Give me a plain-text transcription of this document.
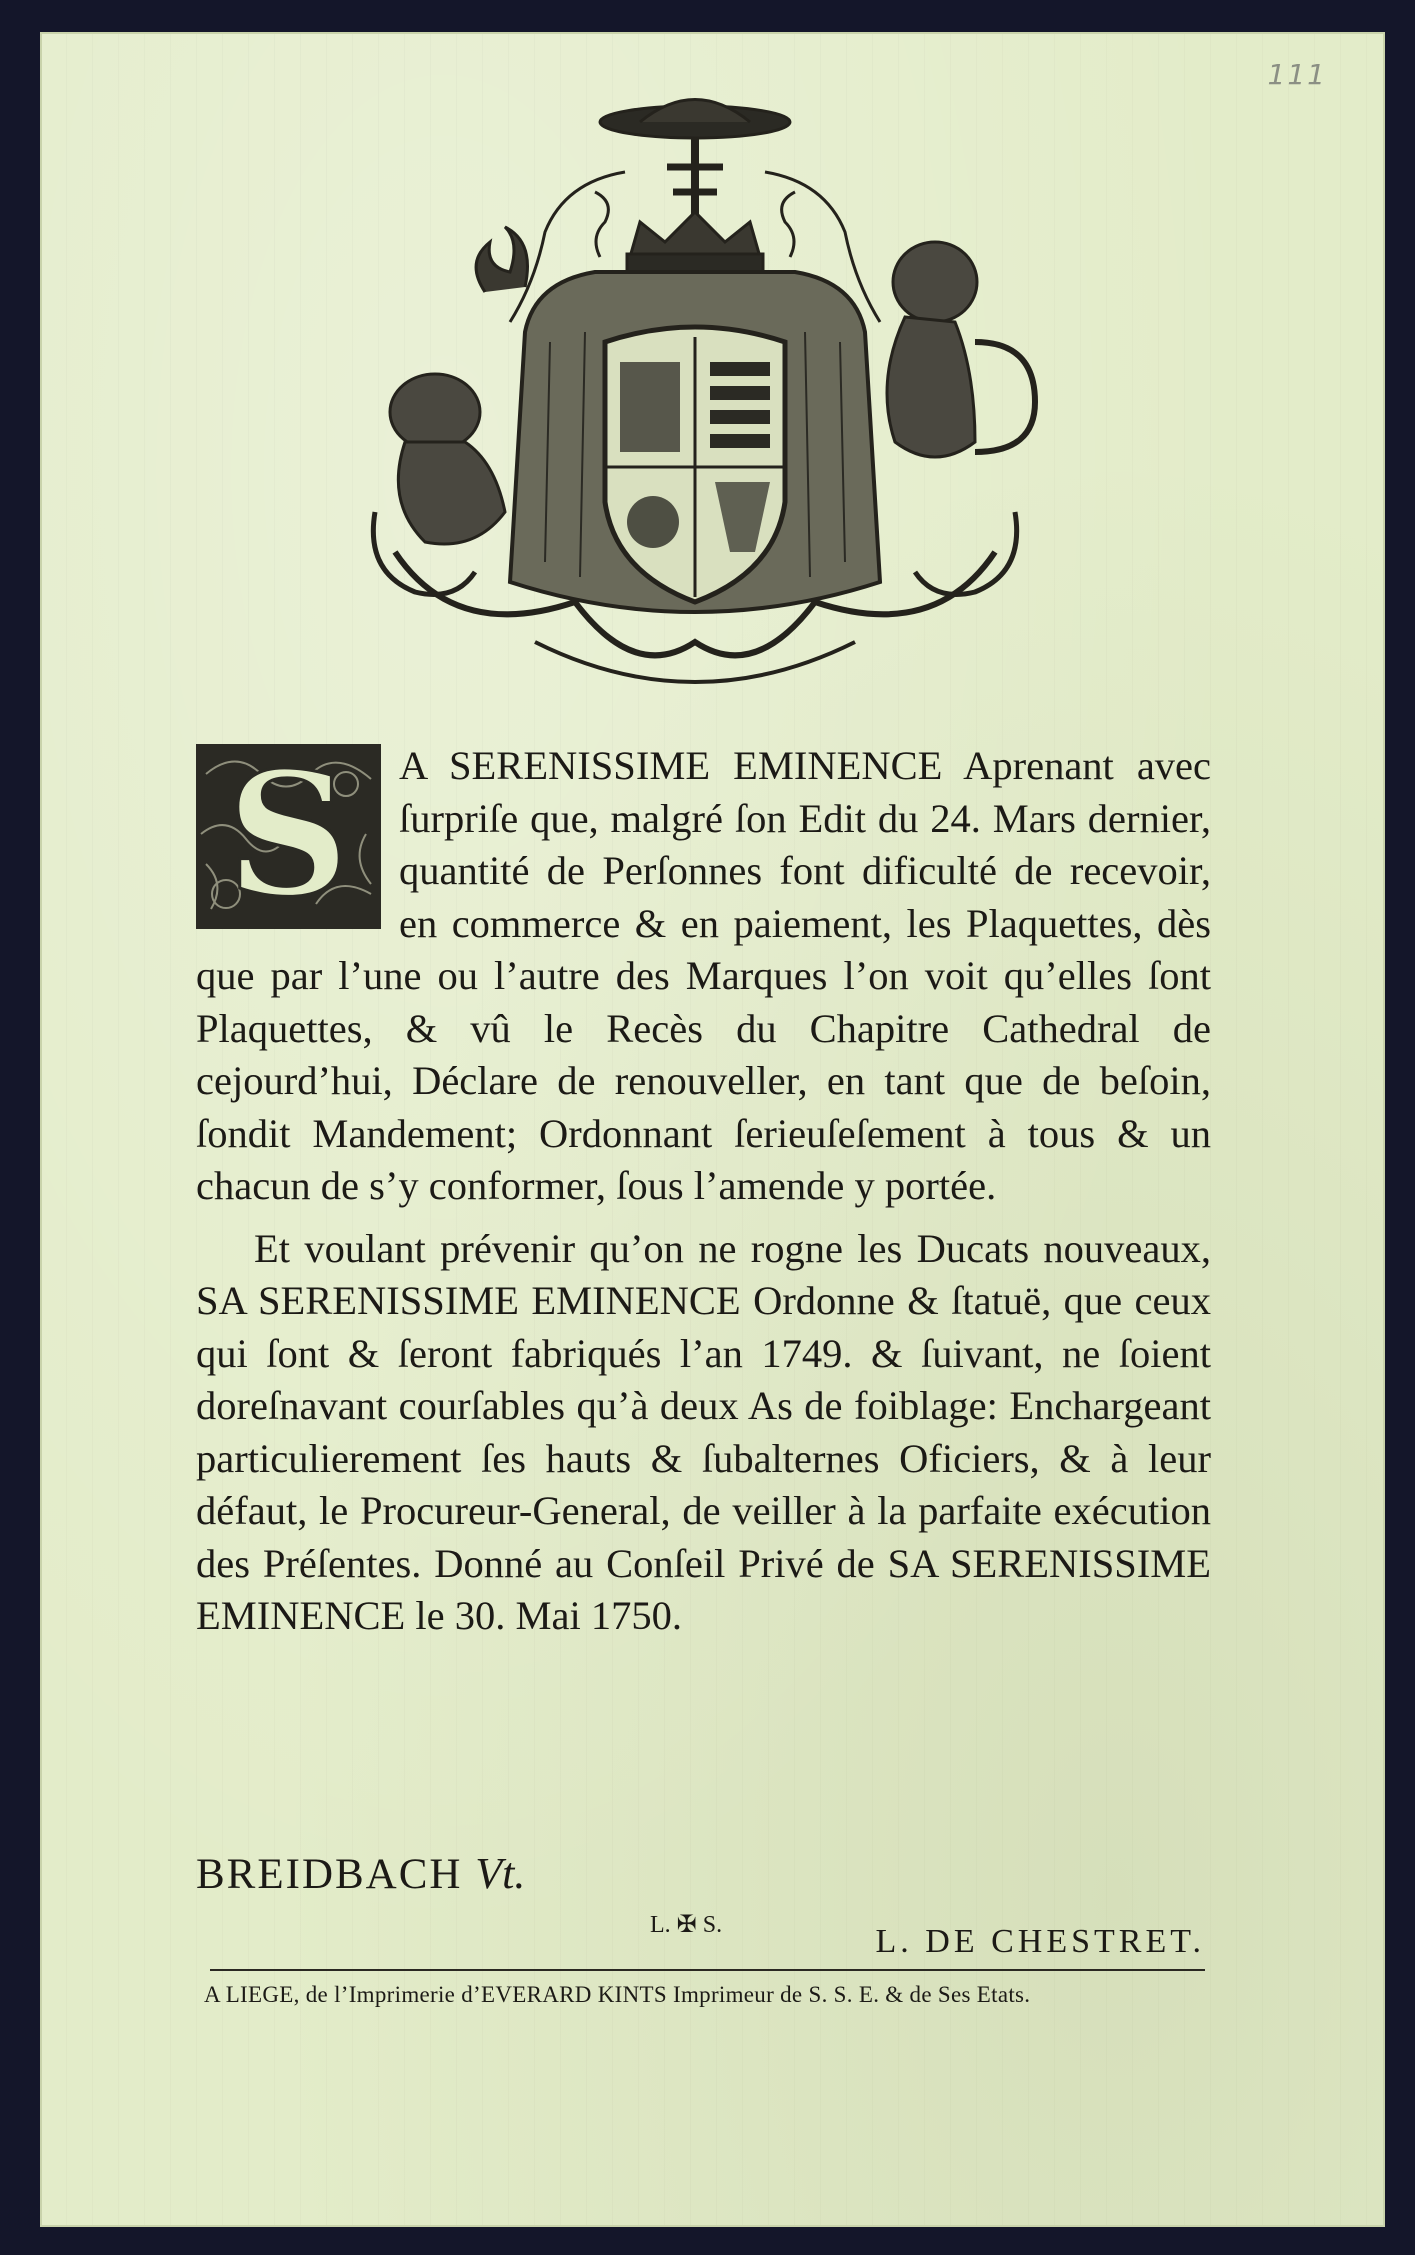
111
S	A SERENISSIME EMINENCE Aprenant avec ſurpriſe que, malgré ſon Edit du 24. Mars dernier, quantité de Perſonnes font dificulté de recevoir, en commerce & en paiement, les Plaquettes, dès que par l’une ou l’autre des Marques l’on voit qu’elles ſont Plaquettes, & vû le Recès du Chapitre Cathedral de cejourd’hui, Déclare de renouveller, en tant que de beſoin, ſondit Mandement; Ordonnant ſerieuſeſement à tous & un chacun de s’y conformer, ſous l’amende y portée.

Et voulant prévenir qu’on ne rogne les Ducats nouveaux, SA SERENISSIME EMINENCE Ordonne & ſtatuë, que ceux qui ſont & ſeront fabriqués l’an 1749. & ſuivant, ne ſoient doreſnavant courſables qu’à deux As de foiblage: Enchargeant particulierement ſes hauts & ſubalternes Oficiers, & à leur défaut, le Procureur-General, de veiller à la parfaite exécution des Préſentes. Donné au Conſeil Privé de SA SERENISSIME EMINENCE le 30. Mai 1750.

BREIDBACH Vt.
L. ✠ S.	L. DE CHESTRET.
A LIEGE, de l’Imprimerie d’EVERARD KINTS Imprimeur de S. S. E. & de Ses Etats.
